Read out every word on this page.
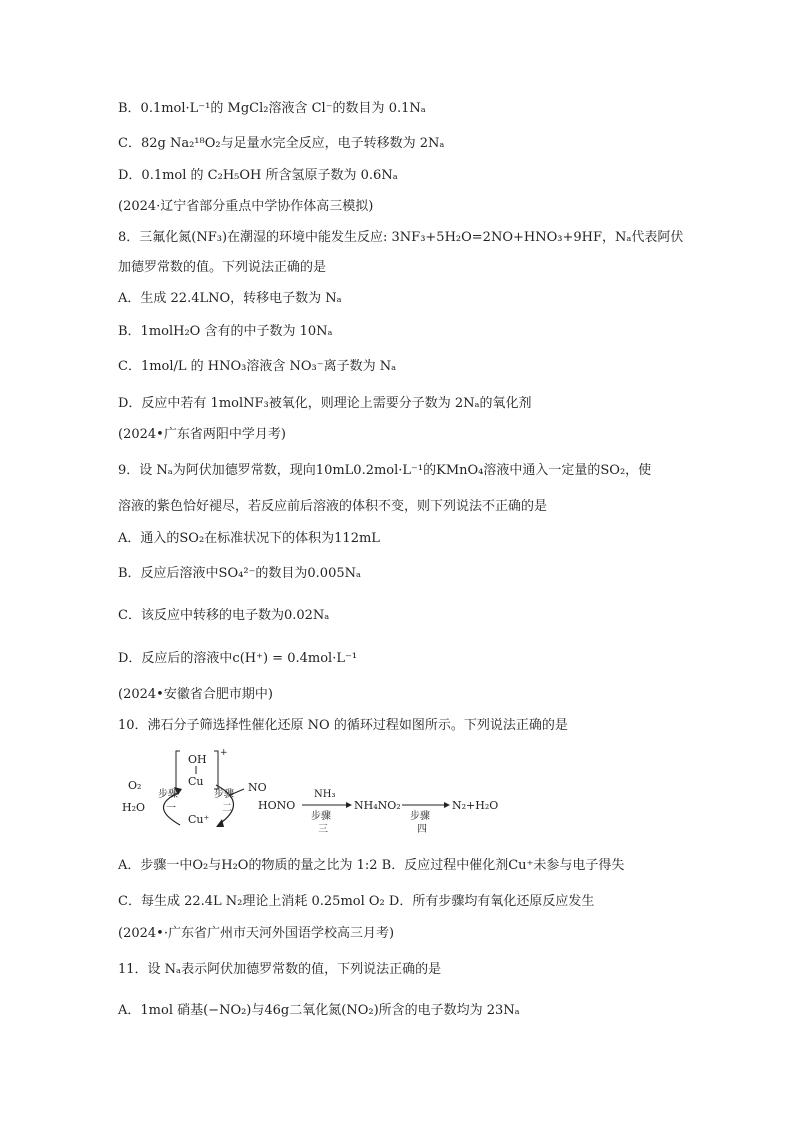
B．0.1mol·L⁻¹的 MgCl₂溶液含 Cl⁻的数目为 0.1Nₐ
C．82g Na₂¹⁸O₂与足量水完全反应，电子转移数为 2Nₐ
D．0.1mol 的 C₂H₅OH 所含氢原子数为 0.6Nₐ
(2024·辽宁省部分重点中学协作体高三模拟)
8．三氟化氮(NF₃)在潮湿的环境中能发生反应: 3NF₃+5H₂O=2NO+HNO₃+9HF，Nₐ代表阿伏
加德罗常数的值。下列说法正确的是
A．生成 22.4LNO，转移电子数为 Nₐ
B．1molH₂O 含有的中子数为 10Nₐ
C．1mol/L 的 HNO₃溶液含 NO₃⁻离子数为 Nₐ
D．反应中若有 1molNF₃被氧化，则理论上需要分子数为 2Nₐ的氧化剂
(2024•广东省两阳中学月考)
9．设 Nₐ为阿伏加德罗常数，现向10mL0.2mol·L⁻¹的KMnO₄溶液中通入一定量的SO₂，使
溶液的紫色恰好褪尽，若反应前后溶液的体积不变，则下列说法不正确的是
A．通入的SO₂在标准状况下的体积为112mL
B．反应后溶液中SO₄²⁻的数目为0.005Nₐ
C．该反应中转移的电子数为0.02Nₐ
D．反应后的溶液中c(H⁺) = 0.4mol·L⁻¹
(2024•安徽省合肥市期中)
10．沸石分子筛选择性催化还原 NO 的循环过程如图所示。下列说法正确的是
+
OH
Cu
O₂
H₂O
步骤
一
Cu⁺
NO
步骤
二 HONO
NH₃
步骤
三
NH₄NO₂
步骤
四
N₂+H₂O
A．步骤一中O₂与H₂O的物质的量之比为 1:2 B．反应过程中催化剂Cu⁺未参与电子得失
C．每生成 22.4L N₂理论上消耗 0.25mol O₂ D．所有步骤均有氧化还原反应发生
(2024•·广东省广州市天河外国语学校高三月考)
11．设 Nₐ表示阿伏加德罗常数的值，下列说法正确的是
A．1mol 硝基(−NO₂)与46g二氧化氮(NO₂)所含的电子数均为 23Nₐ
